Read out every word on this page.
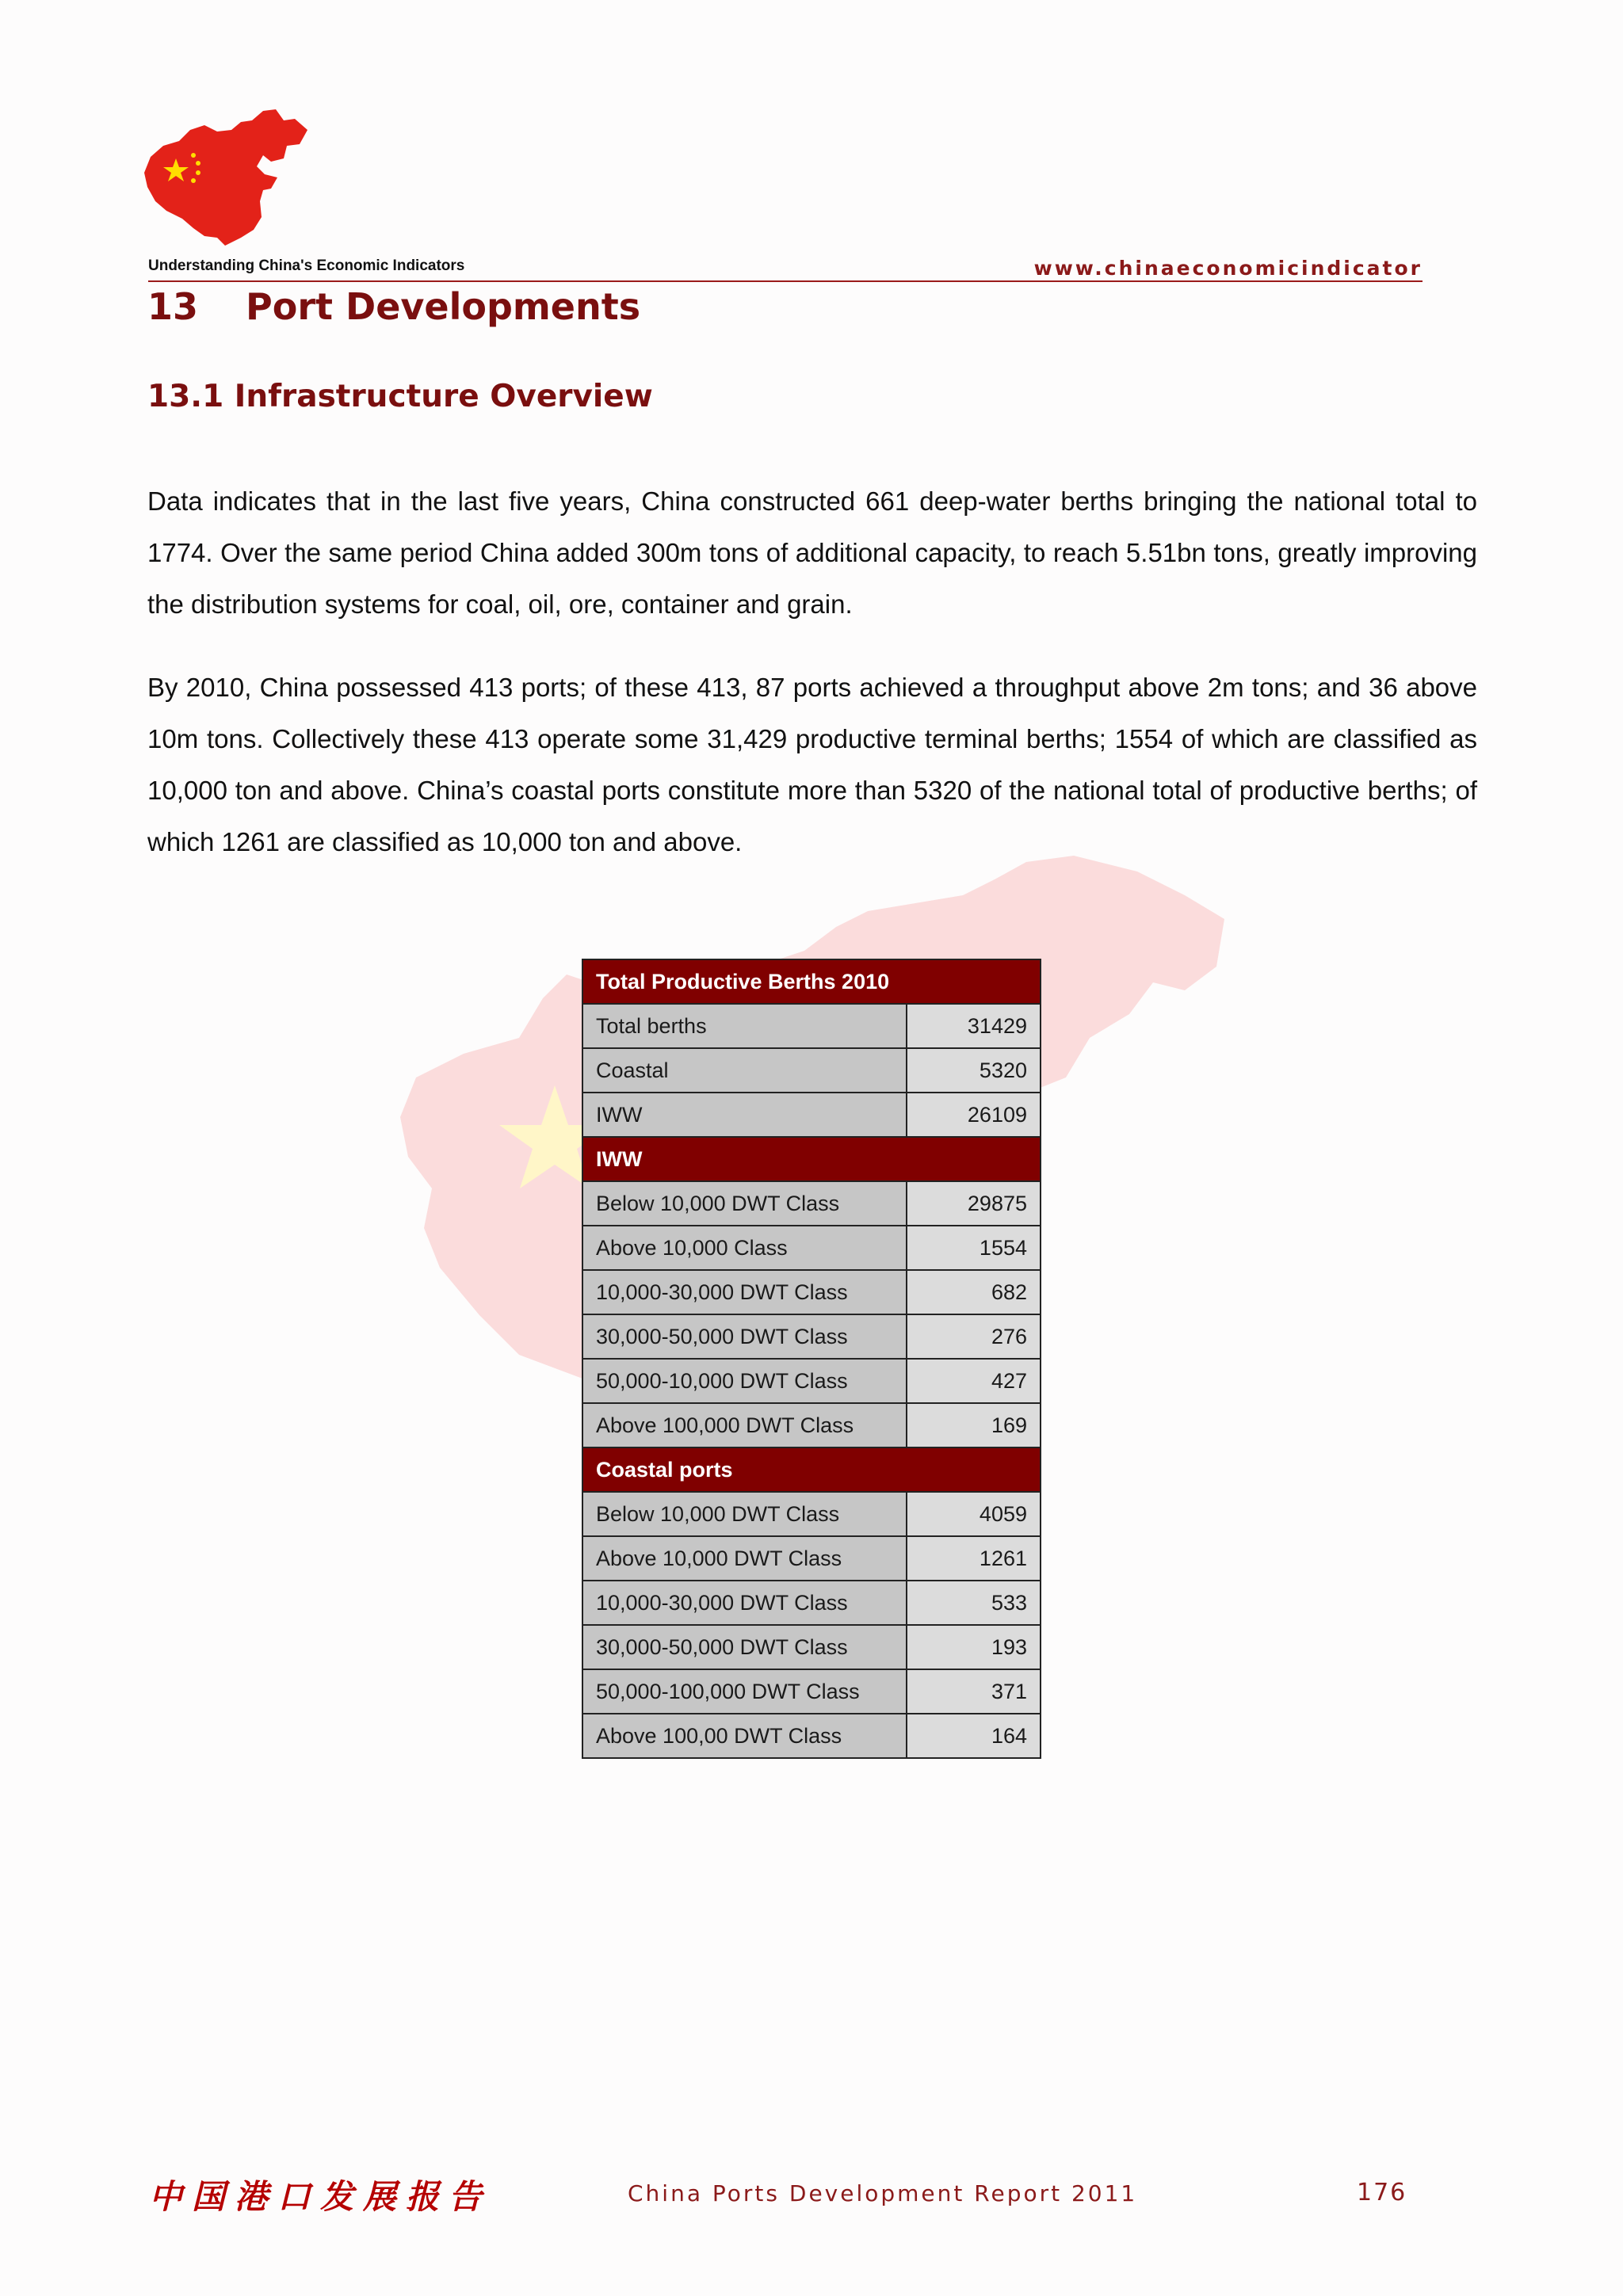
Understanding China's Economic Indicators	www.chinaeconomicindicator
13 Port Developments
13.1 Infrastructure Overview

Data indicates that in the last five years, China constructed 661 deep-water berths bringing the national total to 1774. Over the same period China added 300m tons of additional capacity, to reach 5.51bn tons, greatly improving the distribution systems for coal, oil, ore, container and grain.

By 2010, China possessed 413 ports; of these 413, 87 ports achieved a throughput above 2m tons; and 36 above 10m tons. Collectively these 413 operate some 31,429 productive terminal berths; 1554 of which are classified as 10,000 ton and above. China’s coastal ports constitute more than 5320 of the national total of productive berths; of which 1261 are classified as 10,000 ton and above.

Total Productive Berths 2010	
Total berths	31429
Coastal	5320
IWW	26109
IWW	
Below 10,000 DWT Class	29875
Above 10,000 Class	1554
10,000-30,000 DWT Class	682
30,000-50,000 DWT Class	276
50,000-10,000 DWT Class	427
Above 100,000 DWT Class	169
Coastal ports	
Below 10,000 DWT Class	4059
Above 10,000 DWT Class	1261
10,000-30,000 DWT Class	533
30,000-50,000 DWT Class	193
50,000-100,000 DWT Class	371
Above 100,00 DWT Class	164
中国港口发展报告	China Ports Development Report 2011	176
